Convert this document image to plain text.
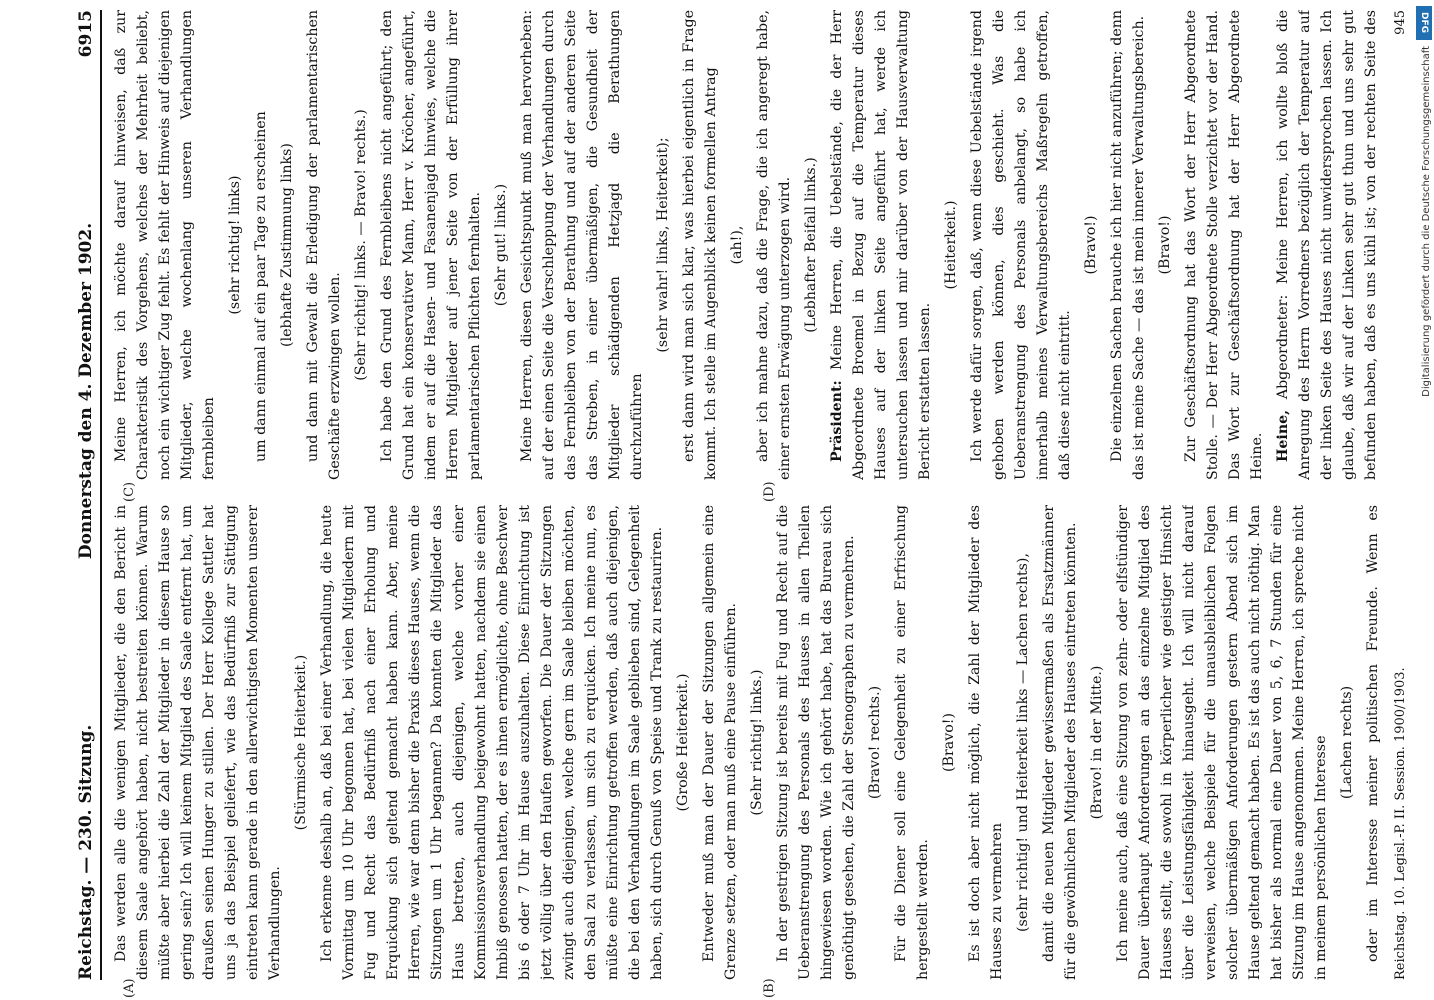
Reichstag. — 230. Sitzung.
Donnerstag den 4. Dezember 1902.
6915
(A)	(B)
(C)	(D)

Das werden alle die wenigen Mitglieder, die den Bericht in diesem Saale angehört haben, nicht bestreiten können. Warum müßte aber hierbei die Zahl der Mitglieder in diesem Hause so gering sein? Ich will keinem Mitglied des Saale entfernt hat, um draußen seinen Hunger zu stillen. Der Herr Kollege Sattler hat uns ja das Beispiel geliefert, wie das Bedürfniß zur Sättigung eintreten kann gerade in den allerwichtigsten Momenten unserer Verhandlungen.

(Stürmische Heiterkeit.) Ich erkenne deshalb an, daß bei einer Verhandlung, die heute Vormittag um 10 Uhr begonnen hat, bei vielen Mitgliedern mit Fug und Recht das Bedürfniß nach einer Erholung und Erquickung sich geltend gemacht haben kann. Aber, meine Herren, wie war denn bisher die Praxis dieses Hauses, wenn die Sitzungen um 1 Uhr begannen? Da konnten die Mitglieder das Haus betreten, auch diejenigen, welche vorher einer Kommissionsverhandlung beigewohnt hatten, nachdem sie einen Imbiß genossen hatten, der es ihnen ermöglichte, ohne Beschwer bis 6 oder 7 Uhr im Hause auszuhalten. Diese Einrichtung ist jetzt völlig über den Haufen geworfen. Die Dauer der Sitzungen zwingt auch diejenigen, welche gern im Saale bleiben möchten, den Saal zu verlassen, um sich zu erquicken. Ich meine nun, es müßte eine Einrichtung getroffen werden, daß auch diejenigen, die bei den Verhandlungen im Saale geblieben sind, Gelegenheit haben, sich durch Genuß von Speise und Trank zu restauriren. (Große Heiterkeit.) Entweder muß man der Dauer der Sitzungen allgemein eine Grenze setzen, oder man muß eine Pause einführen. (Sehr richtig! links.) In der gestrigen Sitzung ist bereits mit Fug und Recht auf die Ueberanstrengung des Personals des Hauses in allen Theilen hingewiesen worden. Wie ich gehört habe, hat das Bureau sich genöthigt gesehen, die Zahl der Stenographen zu vermehren. (Bravo! rechts.) Für die Diener soll eine Gelegenheit zu einer Erfrischung hergestellt werden.

(Bravo!) Es ist doch aber nicht möglich, die Zahl der Mitglieder des Hauses zu vermehren (sehr richtig! und Heiterkeit links — Lachen rechts), damit die neuen Mitglieder gewissermaßen als Ersatzmänner für die gewöhnlichen Mitglieder des Hauses eintreten könnten. (Bravo! in der Mitte.) Ich meine auch, daß eine Sitzung von zehn- oder elfstündiger Dauer überhaupt Anforderungen an das einzelne Mitglied des Hauses stellt, die sowohl in körperlicher wie geistiger Hinsicht über die Leistungsfähigkeit hinausgeht. Ich will nicht darauf verweisen, welche Beispiele für die unausbleiblichen Folgen solcher übermäßigen Anforderungen gestern Abend sich im Hause geltend gemacht haben. Es ist das auch nicht nöthig. Man hat bisher als normal eine Dauer von 5, 6, 7 Stunden für eine Sitzung im Hause angenommen. Meine Herren, ich spreche nicht in meinem persönlichen Interesse (Lachen rechts)

oder im Interesse meiner politischen Freunde. Wenn es

Meine Herren, ich möchte darauf hinweisen, daß zur Charakteristik des Vorgehens, welches der Mehrheit beliebt, noch ein wichtiger Zug fehlt. Es fehlt der Hinweis auf diejenigen Mitglieder, welche wochenlang unseren Verhandlungen fernbleiben

(sehr richtig! links) um dann einmal auf ein paar Tage zu erscheinen (lebhafte Zustimmung links) und dann mit Gewalt die Erledigung der parlamentarischen Geschäfte erzwingen wollen. (Sehr richtig! links. — Bravo! rechts.) Ich habe den Grund des Fernbleibens nicht angeführt; den Grund hat ein konservativer Mann, Herr v. Kröcher, angeführt, indem er auf die Hasen- und Fasanenjagd hinwies, welche die Herren Mitglieder auf jener Seite von der Erfüllung ihrer parlamentarischen Pflichten fernhalten. (Sehr gut! links.) Meine Herren, diesen Gesichtspunkt muß man hervorheben: auf der einen Seite die Verschleppung der Verhandlungen durch das Fernbleiben von der Berathung und auf der anderen Seite das Streben, in einer übermäßigen, die Gesundheit der Mitglieder schädigenden Hetzjagd die Berathungen durchzuführen

(sehr wahr! links, Heiterkeit); erst dann wird man sich klar, was hierbei eigentlich in Frage kommt. Ich stelle im Augenblick keinen formellen Antrag (ah!), aber ich mahne dazu, daß die Frage, die ich angeregt habe, einer ernsten Erwägung unterzogen wird. (Lebhafter Beifall links.)

Präsident: Meine Herren, die Uebelstände, die der Herr Abgeordnete Broemel in Bezug auf die Temperatur dieses Hauses auf der linken Seite angeführt hat, werde ich untersuchen lassen und mir darüber von der Hausverwaltung Bericht erstatten lassen.

(Heiterkeit.) Ich werde dafür sorgen, daß, wenn diese Uebelstände irgend gehoben werden können, dies geschieht. Was die Ueberanstrengung des Personals anbelangt, so habe ich innerhalb meines Verwaltungsbereichs Maßregeln getroffen, daß diese nicht eintritt.

(Bravo!) Die einzelnen Sachen brauche ich hier nicht anzuführen; denn das ist meine Sache — das ist mein innerer Verwaltungsbereich. (Bravo!) Zur Geschäftsordnung hat das Wort der Herr Abgeordnete Stolle. — Der Herr Abgeordnete Stolle verzichtet vor der Hand. Das Wort zur Geschäftsordnung hat der Herr Abgeordnete Heine. Heine, Abgeordneter: Meine Herren, ich wollte bloß die Anregung des Herrn Vorredners bezüglich der Temperatur auf der linken Seite des Hauses nicht unwidersprochen lassen. Ich glaube, daß wir auf der Linken sehr gut thun und uns sehr gut befunden haben, daß es uns kühl ist; von der rechten Seite des

Reichstag. 10. Legisl.-P. II. Session. 1900/1903.
945	DFG
Digitalisierung gefördert durch die Deutsche Forschungsgemeinschaft
